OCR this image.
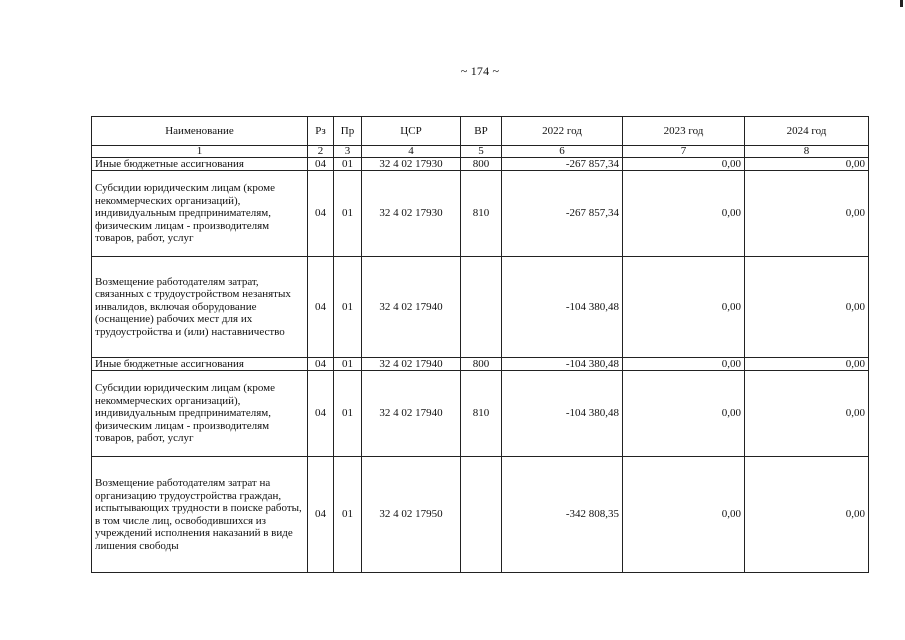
~ 174 ~
Наименование	Рз	Пр	ЦСР	ВР	2022 год	2023 год	2024 год
1	2	3	4	5	6	7	8
Иные бюджетные ассигнования	04	01	32 4 02 17930	800	-267 857,34	0,00	0,00
Субсидии юридическим лицам (кроме некоммерческих организаций), индивидуальным предпринимателям, физическим лицам - производителям товаров, работ, услуг	04	01	32 4 02 17930	810	-267 857,34	0,00	0,00
Возмещение работодателям затрат, связанных с трудоустройством незанятых инвалидов, включая оборудование (оснащение) рабочих мест для их трудоустройства и (или) наставничество	04	01	32 4 02 17940		-104 380,48	0,00	0,00
Иные бюджетные ассигнования	04	01	32 4 02 17940	800	-104 380,48	0,00	0,00
Субсидии юридическим лицам (кроме некоммерческих организаций), индивидуальным предпринимателям, физическим лицам - производителям товаров, работ, услуг	04	01	32 4 02 17940	810	-104 380,48	0,00	0,00
Возмещение работодателям затрат на организацию трудоустройства граждан, испытывающих трудности в поиске работы, в том числе лиц, освободившихся из учреждений исполнения наказаний в виде лишения свободы	04	01	32 4 02 17950		-342 808,35	0,00	0,00
